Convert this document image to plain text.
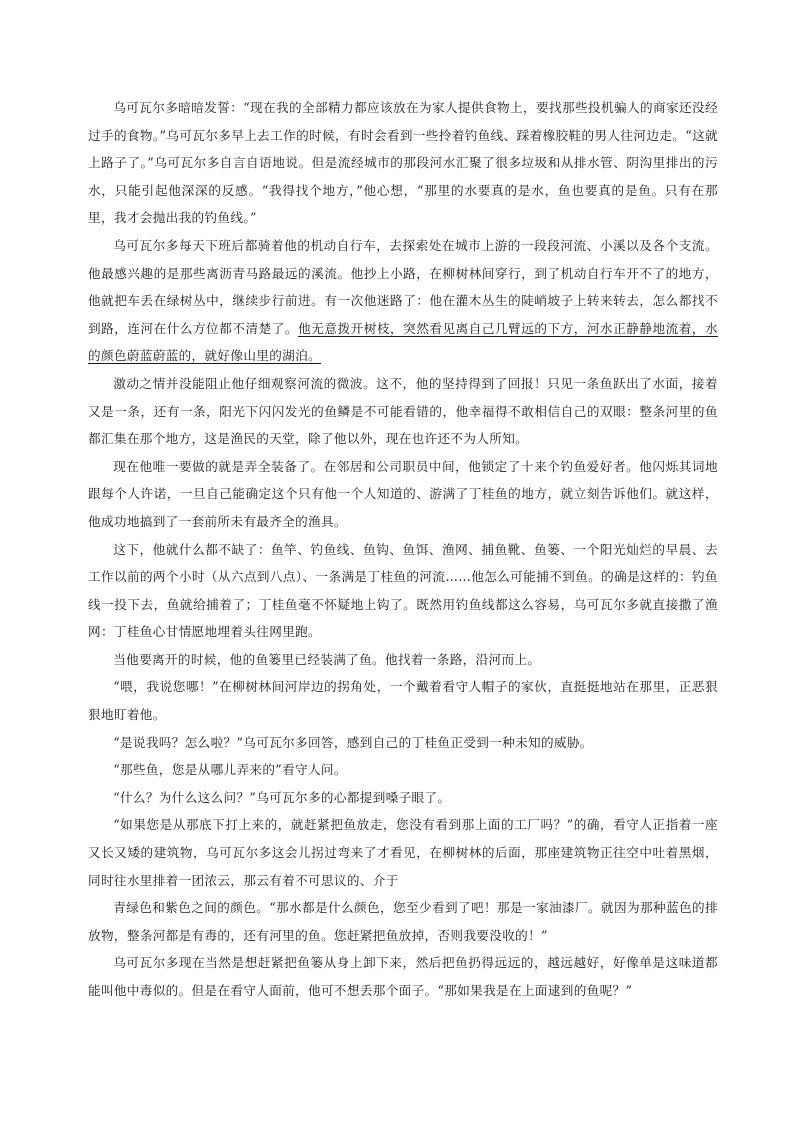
乌可瓦尔多暗暗发誓：“现在我的全部精力都应该放在为家人提供食物上，要找那些投机骗人的商家还没经过手的食物。”乌可瓦尔多早上去工作的时候，有时会看到一些拎着钓鱼线、踩着橡胶鞋的男人往河边走。“这就上路子了。”乌可瓦尔多自言自语地说。但是流经城市的那段河水汇聚了很多垃圾和从排水管、阴沟里排出的污水，只能引起他深深的反感。“我得找个地方，”他心想，“那里的水要真的是水，鱼也要真的是鱼。只有在那里，我才会抛出我的钓鱼线。”

乌可瓦尔多每天下班后都骑着他的机动自行车，去探索处在城市上游的一段段河流、小溪以及各个支流。他最感兴趣的是那些离沥青马路最远的溪流。他抄上小路，在柳树林间穿行，到了机动自行车开不了的地方，他就把车丢在绿树丛中，继续步行前进。有一次他迷路了：他在灌木丛生的陡峭坡子上转来转去，怎么都找不到路，连河在什么方位都不清楚了。他无意拨开树枝，突然看见离自己几臂远的下方，河水正静静地流着，水的颜色蔚蓝蔚蓝的，就好像山里的湖泊。

激动之情并没能阻止他仔细观察河流的微波。这不，他的坚持得到了回报！只见一条鱼跃出了水面，接着又是一条，还有一条，阳光下闪闪发光的鱼鳞是不可能看错的，他幸福得不敢相信自己的双眼：整条河里的鱼都汇集在那个地方，这是渔民的天堂，除了他以外，现在也许还不为人所知。

现在他唯一要做的就是弄全装备了。在邻居和公司职员中间，他锁定了十来个钓鱼爱好者。他闪烁其词地跟每个人许诺，一旦自己能确定这个只有他一个人知道的、游满了丁桂鱼的地方，就立刻告诉他们。就这样，他成功地搞到了一套前所未有最齐全的渔具。

这下，他就什么都不缺了：鱼竿、钓鱼线、鱼钩、鱼饵、渔网、捕鱼靴、鱼篓、一个阳光灿烂的早晨、去工作以前的两个小时（从六点到八点）、一条满是丁桂鱼的河流……他怎么可能捕不到鱼。的确是这样的：钓鱼线一投下去，鱼就给捕着了；丁桂鱼毫不怀疑地上钩了。既然用钓鱼线都这么容易，乌可瓦尔多就直接撒了渔网：丁桂鱼心甘情愿地埋着头往网里跑。

当他要离开的时候，他的鱼篓里已经装满了鱼。他找着一条路，沿河而上。

“喂，我说您哪！”在柳树林间河岸边的拐角处，一个戴着看守人帽子的家伙，直挺挺地站在那里，正恶狠狠地盯着他。

“是说我吗？怎么啦？”乌可瓦尔多回答，感到自己的丁桂鱼正受到一种未知的威胁。

“那些鱼，您是从哪儿弄来的”看守人问。

“什么？为什么这么问？”乌可瓦尔多的心都提到嗓子眼了。

“如果您是从那底下打上来的，就赶紧把鱼放走，您没有看到那上面的工厂吗？”的确，看守人正指着一座又长又矮的建筑物，乌可瓦尔多这会儿拐过弯来了才看见，在柳树林的后面，那座建筑物正往空中吐着黑烟，同时往水里排着一团浓云，那云有着不可思议的、介于

青绿色和紫色之间的颜色。“那水都是什么颜色，您至少看到了吧！那是一家油漆厂。就因为那种蓝色的排放物，整条河都是有毒的，还有河里的鱼。您赶紧把鱼放掉，否则我要没收的！”

乌可瓦尔多现在当然是想赶紧把鱼篓从身上卸下来，然后把鱼扔得远远的，越远越好，好像单是这味道都能叫他中毒似的。但是在看守人面前，他可不想丢那个面子。“那如果我是在上面逮到的鱼呢？”
